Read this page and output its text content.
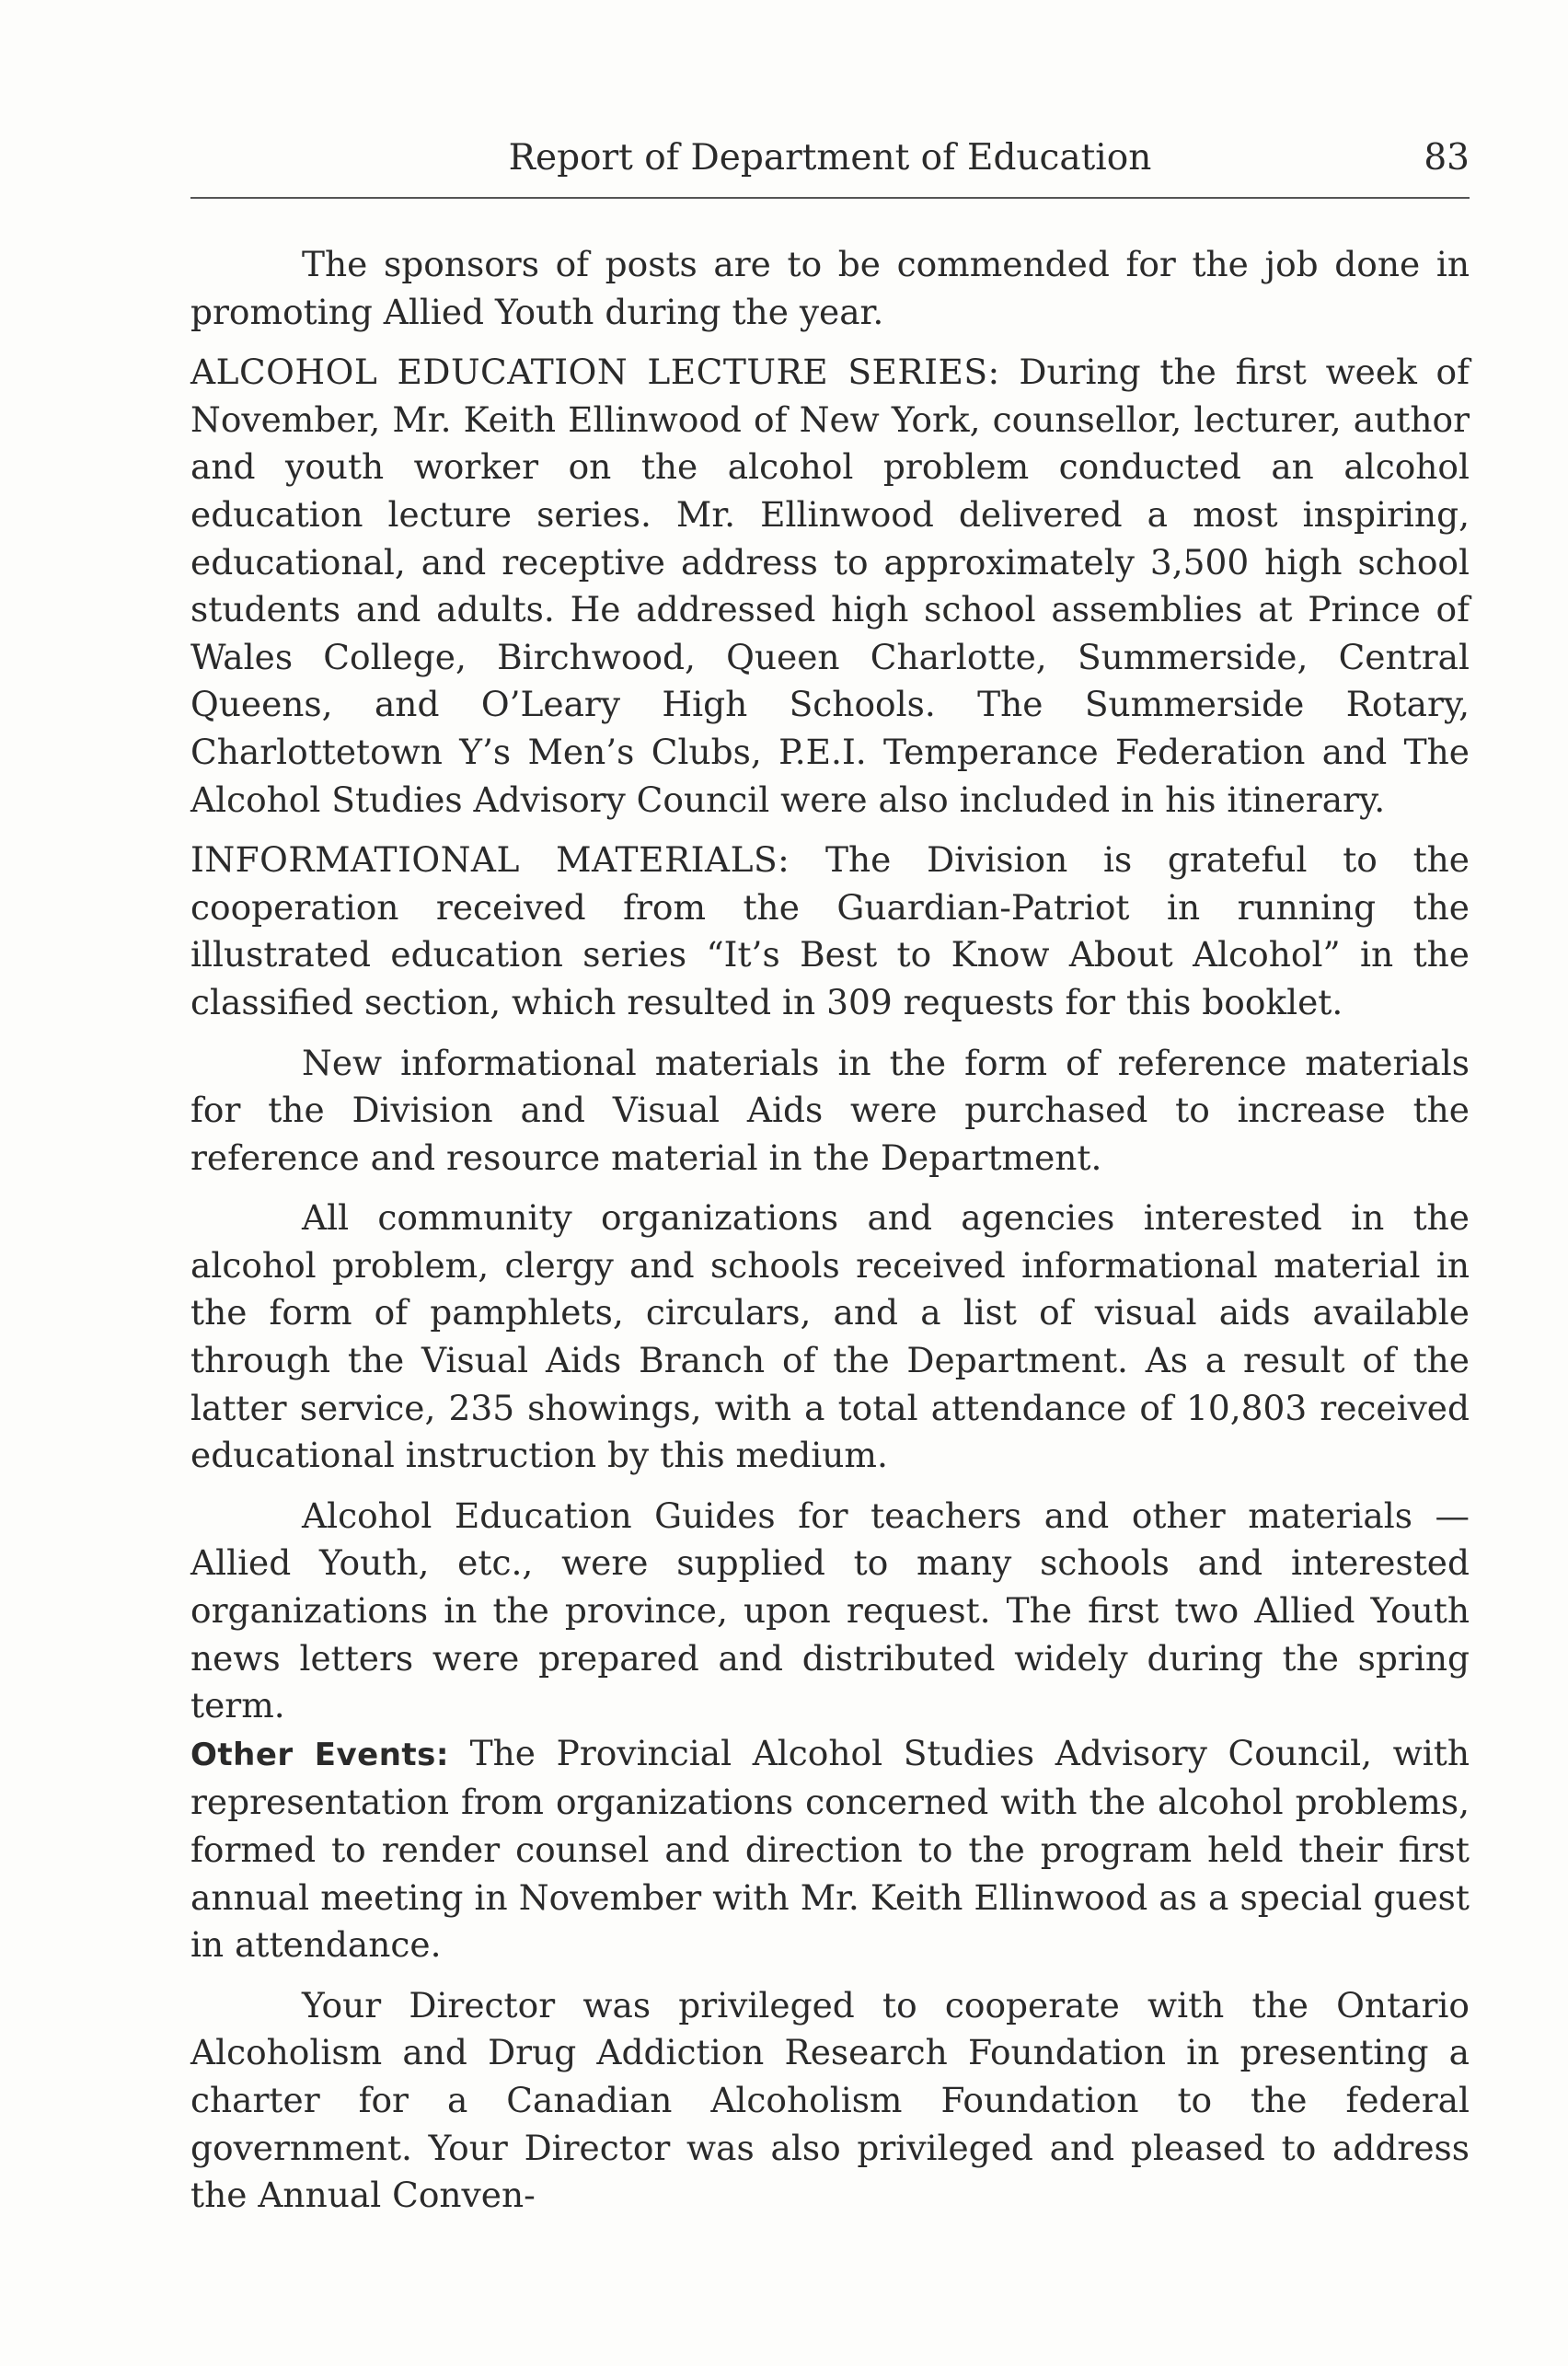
Report of Department of Education	83

The sponsors of posts are to be commended for the job done in promoting Allied Youth during the year.

ALCOHOL EDUCATION LECTURE SERIES: During the first week of November, Mr. Keith Ellinwood of New York, counsellor, lecturer, author and youth worker on the alcohol problem conducted an alcohol education lecture series. Mr. Ellinwood delivered a most inspiring, educational, and receptive address to approximately 3,500 high school students and adults. He addressed high school assemblies at Prince of Wales College, Birchwood, Queen Charlotte, Summerside, Central Queens, and O’Leary High Schools. The Summerside Rotary, Charlottetown Y’s Men’s Clubs, P.E.I. Temperance Federation and The Alcohol Studies Advisory Council were also included in his itinerary.

INFORMATIONAL MATERIALS: The Division is grateful to the cooperation received from the Guardian-Patriot in running the illustrated education series “It’s Best to Know About Alcohol” in the classified section, which resulted in 309 requests for this booklet.

New informational materials in the form of reference materials for the Division and Visual Aids were purchased to increase the reference and resource material in the Department.

All community organizations and agencies interested in the alcohol problem, clergy and schools received informational material in the form of pamphlets, circulars, and a list of visual aids available through the Visual Aids Branch of the Department. As a result of the latter service, 235 showings, with a total attendance of 10,803 received educational instruction by this medium.

Alcohol Education Guides for teachers and other materials — Allied Youth, etc., were supplied to many schools and interested organizations in the province, upon request. The first two Allied Youth news letters were prepared and distributed widely during the spring term.

Other Events: The Provincial Alcohol Studies Advisory Council, with representation from organizations concerned with the alcohol problems, formed to render counsel and direction to the program held their first annual meeting in November with Mr. Keith Ellinwood as a special guest in attendance.

Your Director was privileged to cooperate with the Ontario Alcoholism and Drug Addiction Research Foundation in presenting a charter for a Canadian Alcoholism Foundation to the federal government. Your Director was also privileged and pleased to address the Annual Conven-
